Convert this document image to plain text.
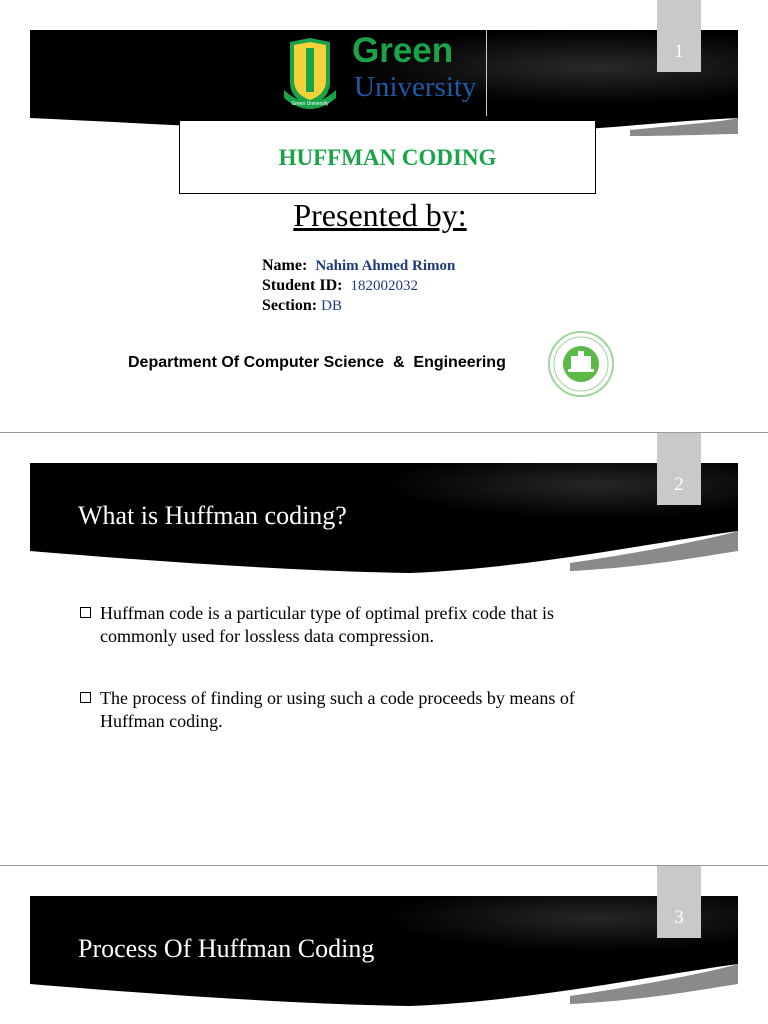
1
Green University
Green
University
HUFFMAN CODING
Presented by:
Name: Nahim Ahmed Rimon
Student ID: 182002032
Section: DB
Department Of Computer Science  &  Engineering
2
What is Huffman coding?
Huffman code is a particular type of optimal prefix code that is commonly used for lossless data compression.
The process of finding or using such a code proceeds by means of Huffman coding.
3
Process Of Huffman Coding
